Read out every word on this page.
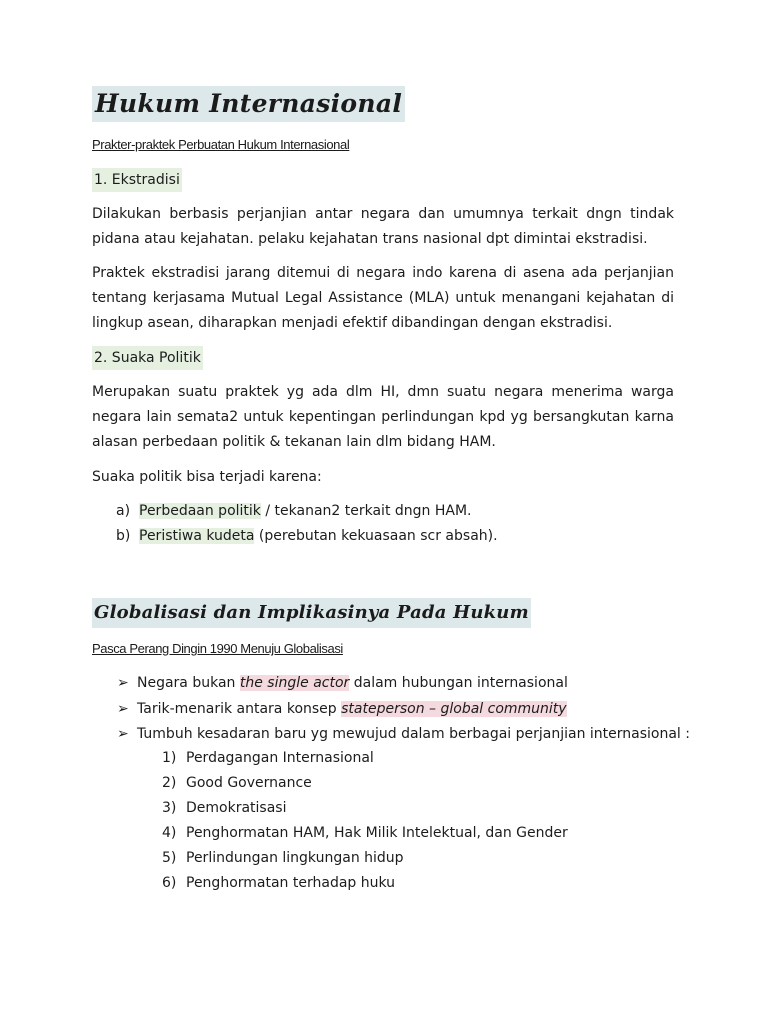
Hukum Internasional
Prakter-praktek Perbuatan Hukum Internasional
1. Ekstradisi
Dilakukan berbasis perjanjian antar negara dan umumnya terkait dngn tindak pidana atau kejahatan. pelaku kejahatan trans nasional dpt dimintai ekstradisi.
Praktek ekstradisi jarang ditemui di negara indo karena di asena ada perjanjian tentang kerjasama Mutual Legal Assistance (MLA) untuk menangani kejahatan di lingkup asean, diharapkan menjadi efektif dibandingan dengan ekstradisi.
2. Suaka Politik
Merupakan suatu praktek yg ada dlm HI, dmn suatu negara menerima warga negara lain semata2 untuk kepentingan perlindungan kpd yg bersangkutan karna alasan perbedaan politik & tekanan lain dlm bidang HAM.
Suaka politik bisa terjadi karena:
a) Perbedaan politik / tekanan2 terkait dngn HAM.
b) Peristiwa kudeta (perebutan kekuasaan scr absah).
Globalisasi dan Implikasinya Pada Hukum
Pasca Perang Dingin 1990 Menuju Globalisasi
➢ Negara bukan the single actor dalam hubungan internasional
➢ Tarik-menarik antara konsep stateperson – global community
➢ Tumbuh kesadaran baru yg mewujud dalam berbagai perjanjian internasional :
1) Perdagangan Internasional
2) Good Governance
3) Demokratisasi
4) Penghormatan HAM, Hak Milik Intelektual, dan Gender
5) Perlindungan lingkungan hidup
6) Penghormatan terhadap huku
